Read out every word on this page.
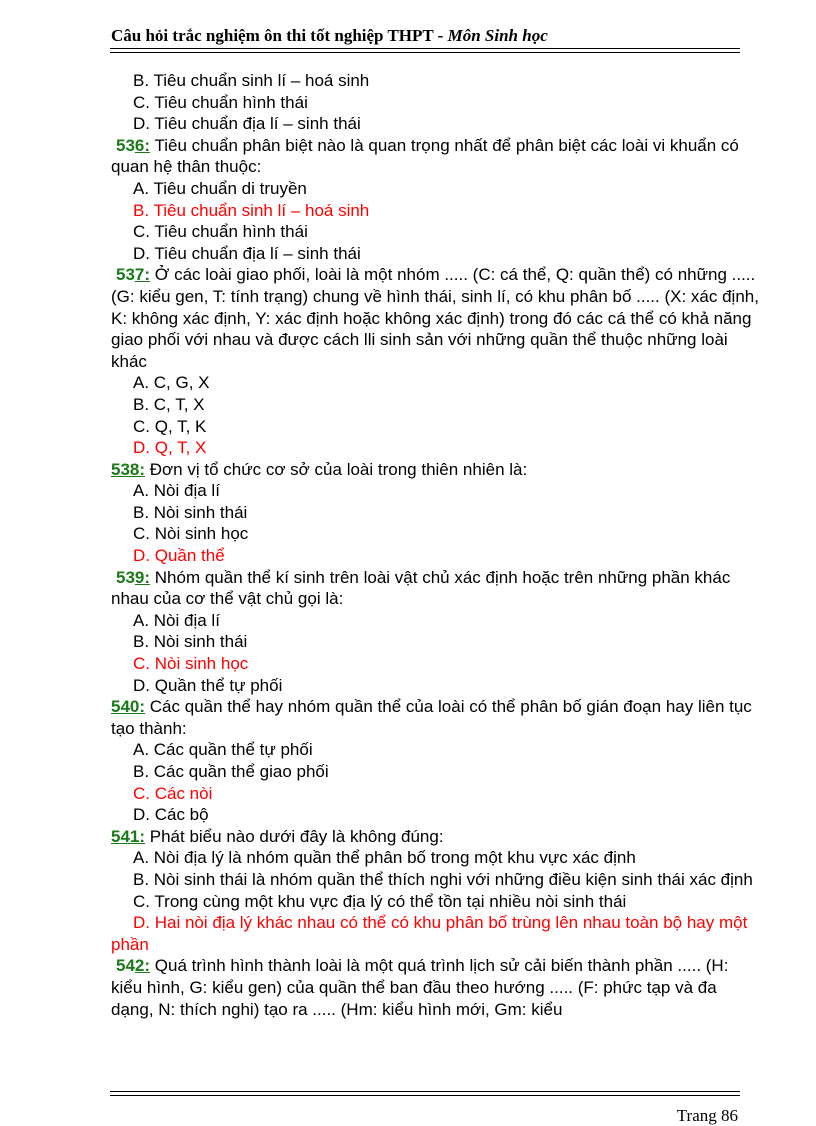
Câu hỏi trắc nghiệm ôn thi tốt nghiệp THPT - Môn Sinh học

B. Tiêu chuẩn sinh lí – hoá sinh

C. Tiêu chuẩn hình thái

D. Tiêu chuẩn địa lí – sinh thái

536: Tiêu chuẩn phân biệt nào là quan trọng nhất để phân biệt các loài vi khuẩn có quan hệ thân thuộc:

A. Tiêu chuẩn di truyền

B. Tiêu chuẩn sinh lí – hoá sinh

C. Tiêu chuẩn hình thái

D. Tiêu chuẩn địa lí – sinh thái

537: Ở các loài giao phối, loài là một nhóm ..... (C: cá thể, Q: quần thể) có những ..... (G: kiểu gen, T: tính trạng) chung về hình thái, sinh lí, có khu phân bố ..... (X: xác định, K: không xác định, Y: xác định hoặc không xác định) trong đó các cá thể có khả năng giao phối với nhau và được cách lli sinh sản với những quần thể thuộc những loài khác

A. C, G, X

B. C, T, X

C. Q, T, K

D. Q, T, X

538: Đơn vị tổ chức cơ sở của loài trong thiên nhiên là:

A. Nòi địa lí

B. Nòi sinh thái

C. Nòi sinh học

D. Quần thể

539: Nhóm quần thể kí sinh trên loài vật chủ xác định hoặc trên những phần khác nhau của cơ thể vật chủ gọi là:

A. Nòi địa lí

B. Nòi sinh thái

C. Nòi sinh học

D. Quần thể tự phối

540: Các quần thể hay nhóm quần thể của loài có thể phân bố gián đoạn hay liên tục tạo thành:

A. Các quần thể tự phối

B. Các quần thể giao phối

C. Các nòi

D. Các bộ

541: Phát biểu nào dưới đây là không đúng:

A. Nòi địa lý là nhóm quần thể phân bố trong một khu vực xác định

B. Nòi sinh thái là nhóm quần thể thích nghi với những điều kiện sinh thái xác định

C. Trong cùng một khu vực địa lý có thể tồn tại nhiều nòi sinh thái

D. Hai nòi địa lý khác nhau có thể có khu phân bố trùng lên nhau toàn bộ hay một phần

542: Quá trình hình thành loài là một quá trình lịch sử cải biến thành phần ..... (H: kiểu hình, G: kiểu gen) của quần thể ban đầu theo hướng ..... (F: phức tạp và đa dạng, N: thích nghi) tạo ra ..... (Hm: kiểu hình mới, Gm: kiểu

Trang 86
